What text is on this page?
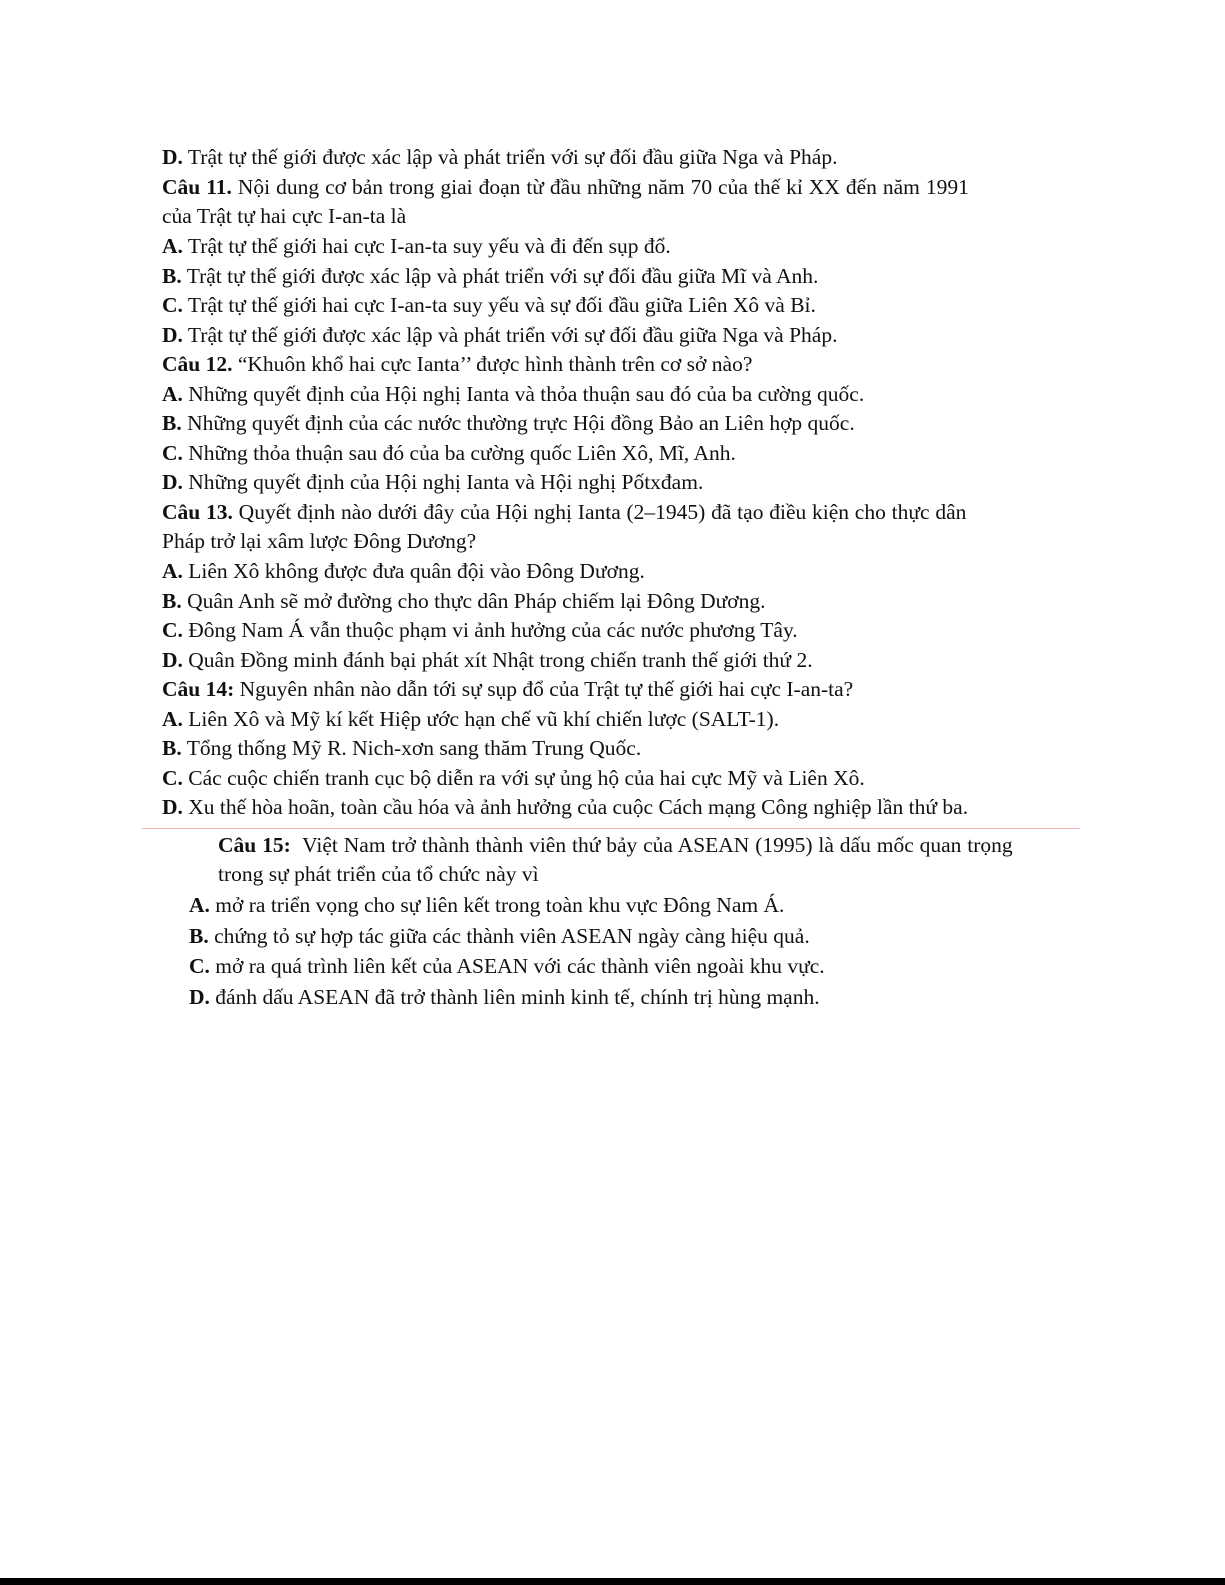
D. Trật tự thế giới được xác lập và phát triển với sự đối đầu giữa Nga và Pháp.
Câu 11. Nội dung cơ bản trong giai đoạn từ đầu những năm 70 của thế kỉ XX đến năm 1991
của Trật tự hai cực I-an-ta là
A. Trật tự thế giới hai cực I-an-ta suy yếu và đi đến sụp đổ.
B. Trật tự thế giới được xác lập và phát triển với sự đối đầu giữa Mĩ và Anh.
C. Trật tự thế giới hai cực I-an-ta suy yếu và sự đối đầu giữa Liên Xô và Bỉ.
D. Trật tự thế giới được xác lập và phát triển với sự đối đầu giữa Nga và Pháp.
Câu 12. “Khuôn khổ hai cực Ianta’’ được hình thành trên cơ sở nào?
A. Những quyết định của Hội nghị Ianta và thỏa thuận sau đó của ba cường quốc.
B. Những quyết định của các nước thường trực Hội đồng Bảo an Liên hợp quốc.
C. Những thỏa thuận sau đó của ba cường quốc Liên Xô, Mĩ, Anh.
D. Những quyết định của Hội nghị Ianta và Hội nghị Pốtxđam.
Câu 13. Quyết định nào dưới đây của Hội nghị Ianta (2–1945) đã tạo điều kiện cho thực dân
Pháp trở lại xâm lược Đông Dương?
A. Liên Xô không được đưa quân đội vào Đông Dương.
B. Quân Anh sẽ mở đường cho thực dân Pháp chiếm lại Đông Dương.
C. Đông Nam Á vẫn thuộc phạm vi ảnh hưởng của các nước phương Tây.
D. Quân Đồng minh đánh bại phát xít Nhật trong chiến tranh thế giới thứ 2.
Câu 14: Nguyên nhân nào dẫn tới sự sụp đổ của Trật tự thế giới hai cực I-an-ta?
A. Liên Xô và Mỹ kí kết Hiệp ước hạn chế vũ khí chiến lược (SALT-1).
B. Tổng thống Mỹ R. Nich-xơn sang thăm Trung Quốc.
C. Các cuộc chiến tranh cục bộ diễn ra với sự ủng hộ của hai cực Mỹ và Liên Xô.
D. Xu thế hòa hoãn, toàn cầu hóa và ảnh hưởng của cuộc Cách mạng Công nghiệp lần thứ ba.
Câu 15: Việt Nam trở thành thành viên thứ bảy của ASEAN (1995) là dấu mốc quan trọng
trong sự phát triển của tổ chức này vì
A. mở ra triển vọng cho sự liên kết trong toàn khu vực Đông Nam Á.
B. chứng tỏ sự hợp tác giữa các thành viên ASEAN ngày càng hiệu quả.
C. mở ra quá trình liên kết của ASEAN với các thành viên ngoài khu vực.
D. đánh dấu ASEAN đã trở thành liên minh kinh tế, chính trị hùng mạnh.
